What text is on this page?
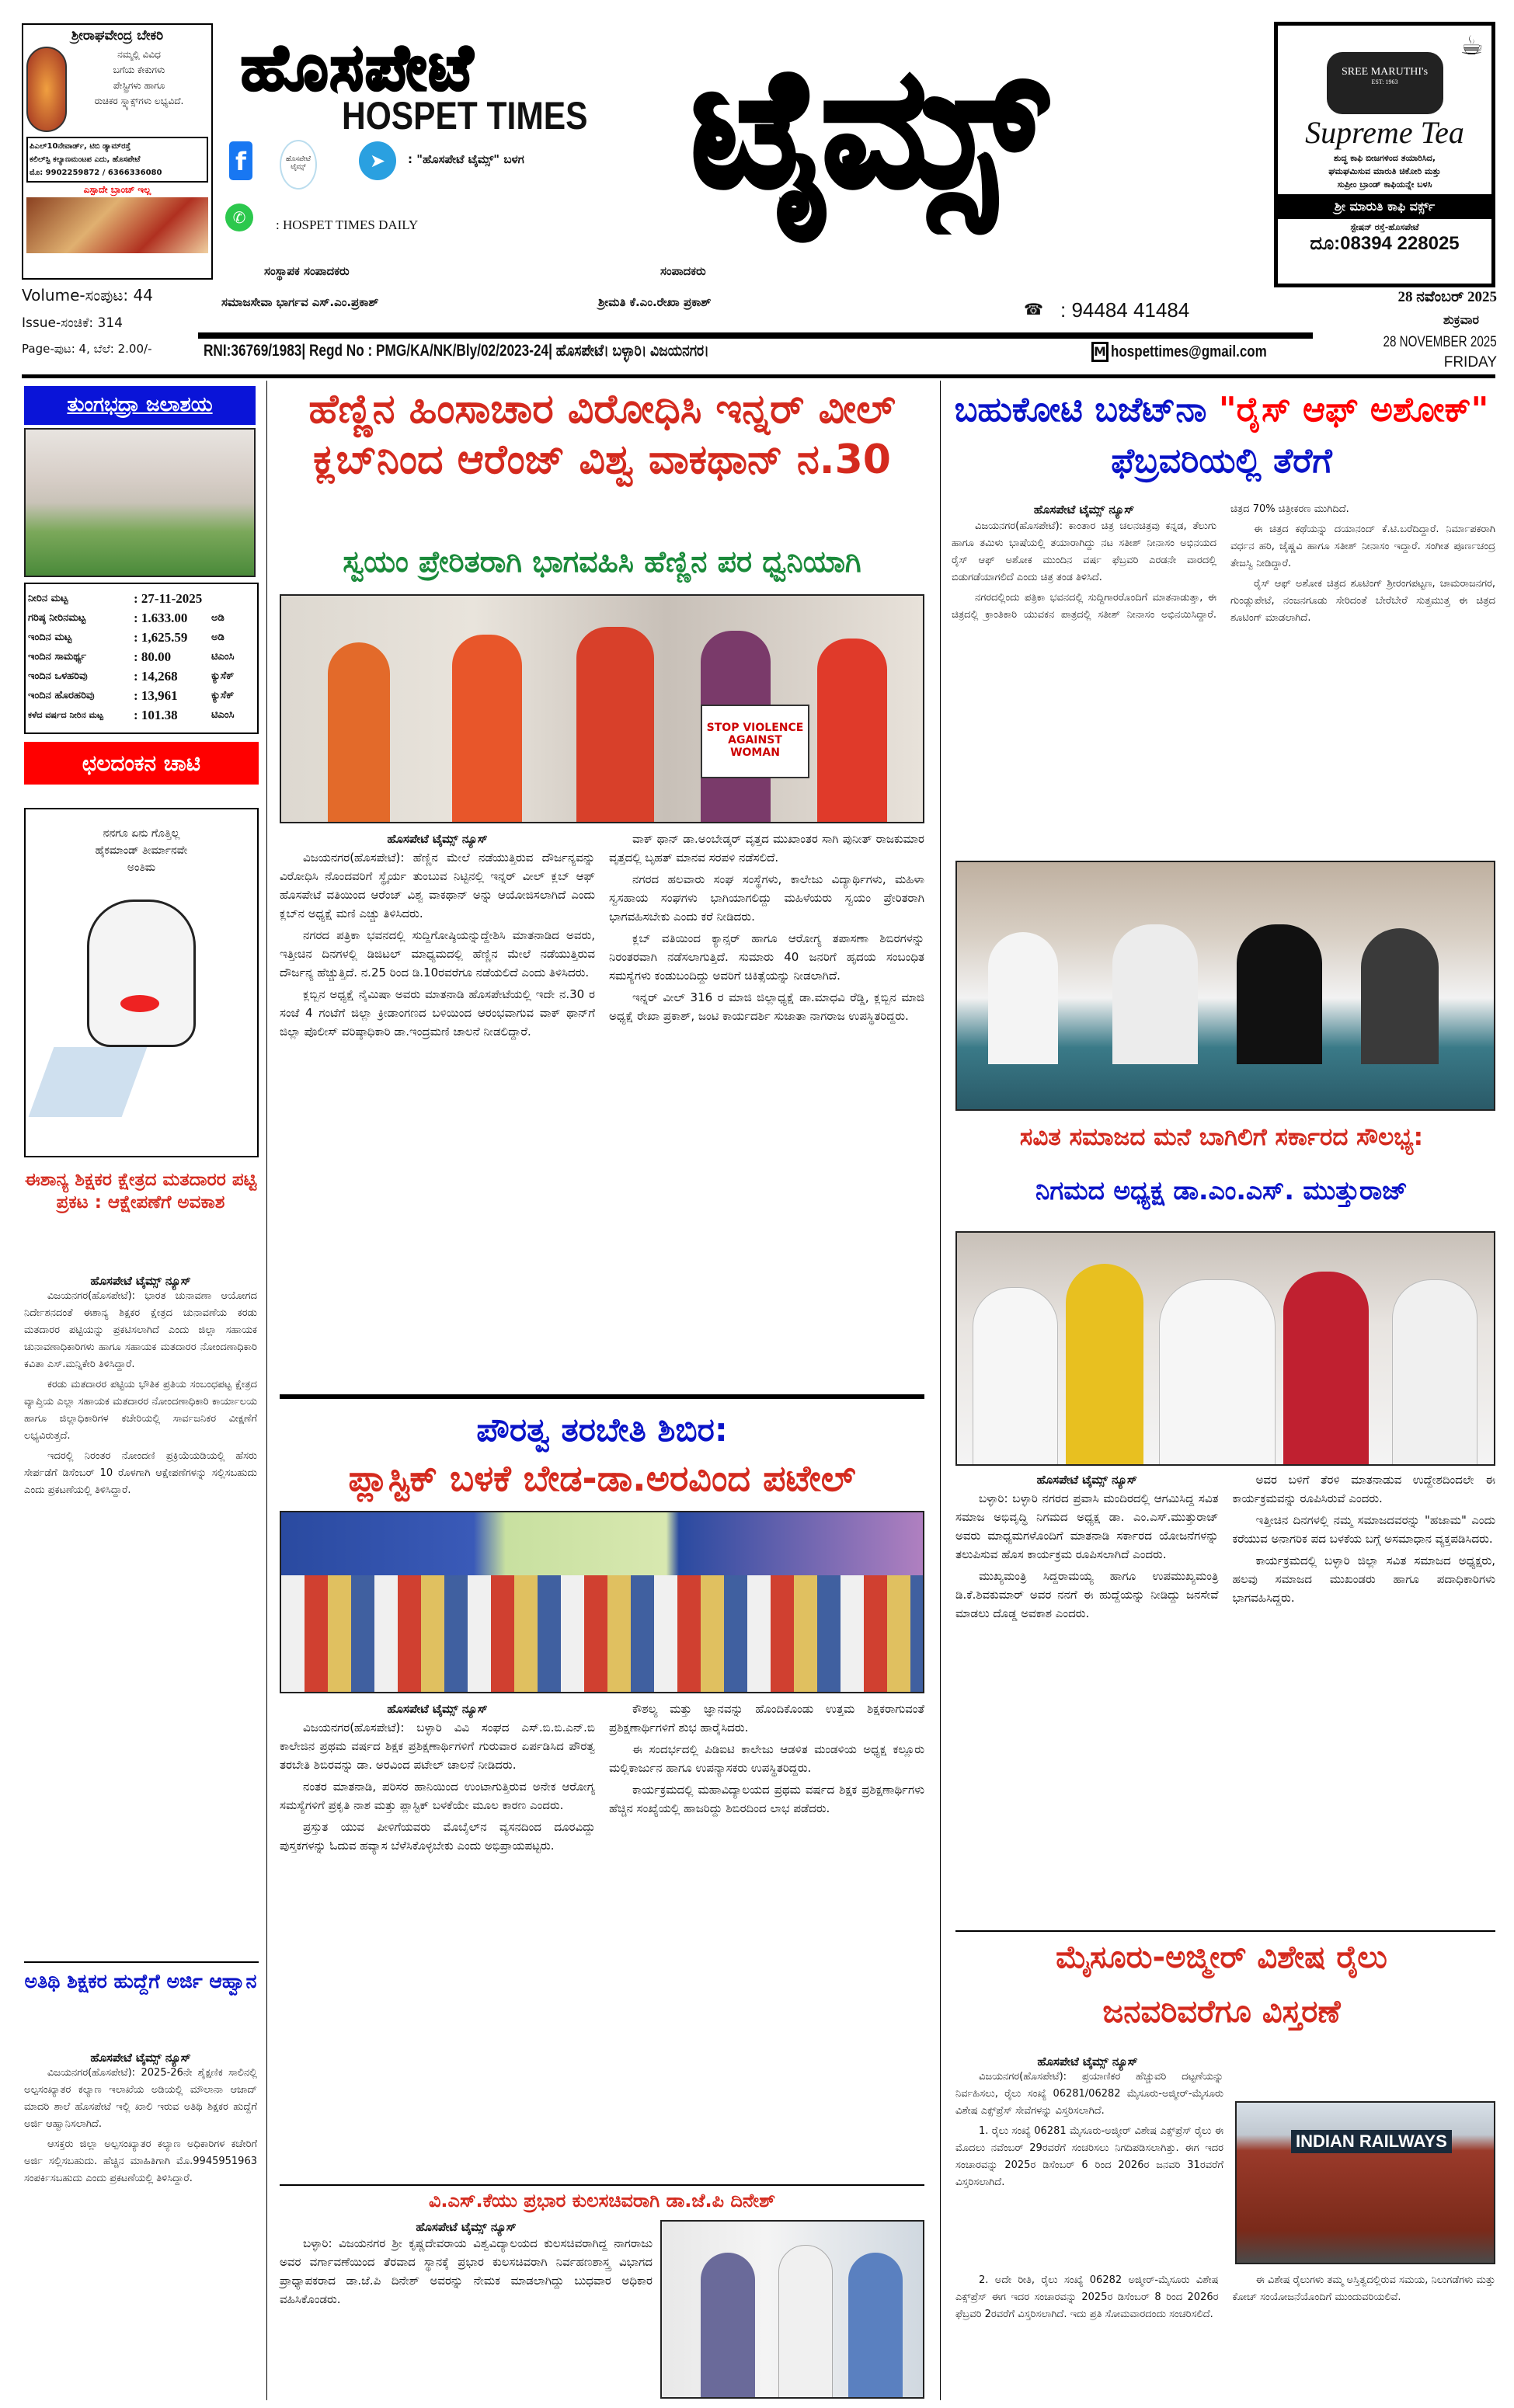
ಶ್ರೀರಾಘವೇಂದ್ರ ಬೇಕರಿ
ನಮ್ಮಲ್ಲಿ ವಿವಿಧ
ಬಗೆಯ ಕೇಕುಗಳು
ಪೇಸ್ಟ್ರಿಗಳು ಹಾಗೂ
ರುಚಿಕರ ಸ್ನ್ಯಾಕ್ಸ್‌ಗಳು ಲಭ್ಯವಿದೆ.
ಪಿಎಲ್10ನೇವಾರ್ಡ್, ಟಿಬಿ ಡ್ಯಾಮ್‌ರಸ್ತೆ
ಕಲಿಲ್‌ಸ್ಟಿ ಕಲ್ಯಾಣಮಂಟಪ ಎದು, ಹೊಸಪೇಟೆ
ಮೊ: 9902259872 / 6366336080
ಎಸ್ಪಾದೇ ಬ್ರಾಂಚ್ ಇಲ್ಲ
ಹೊಸಪೇಟೆ
HOSPET TIMES ಟೈಮ್ಸ್
f	ಹೊಸಪೇಟೆ ಟೈಮ್ಸ್	➤	: "ಹೊಸಪೇಟೆ ಟೈಮ್ಸ್" ಬಳಗ
✆	: HOSPET TIMES DAILY
ಸಂಸ್ಥಾಪಕ ಸಂಪಾದಕರು
ಸಮಾಜಸೇವಾ ಭಾರ್ಗವ ಎಸ್.ಎಂ.ಪ್ರಕಾಶ್
ಸಂಪಾದಕರು
ಶ್ರೀಮತಿ ಕೆ.ಎಂ.ರೇಖಾ ಪ್ರಕಾಶ್	☎ : 94484 41484
Volume-ಸಂಪುಟ: 44
Issue-ಸಂಚಿಕೆ: 314
Page-ಪುಟ: 4, ಬೆಲೆ: 2.00/-	RNI:36769/1983| Regd No : PMG/KA/NK/Bly/02/2023-24| ಹೊಸಪೇಟೆ। ಬಳ್ಳಾರಿ। ವಿಜಯನಗರ।	M hospettimes@gmail.com
☕
SREE MARUTHI's
EST: 1963
Supreme Tea
ಶುದ್ಧ ಕಾಫಿ ಬೀಜಗಳಿಂದ ತಯಾರಿಸಿದ,
ಘಮಘಮಿಸುವ ಮಾರುತಿ ಚಿಕೋರಿ ಮತ್ತು
ಸುಪ್ರೀಂ ಬ್ರಾಂಡ್ ಕಾಫಿಯನ್ನೇ ಬಳಸಿ
ಶ್ರೀ ಮಾರುತಿ ಕಾಫಿ ವರ್ಕ್ಸ್
ಸ್ಟೇಷನ್ ರಸ್ತೆ-ಹೊಸಪೇಟೆ
ದೂ:08394 228025
28 ನವೆಂಬರ್ 2025
ಶುಕ್ರವಾರ
28 NOVEMBER 2025
FRIDAY
ತುಂಗಭದ್ರಾ ಜಲಾಶಯ
ನೀರಿನ ಮಟ್ಟ	: 27-11-2025
ಗರಿಷ್ಠ ನೀರಿನಮಟ್ಟ	: 1.633.00	ಅಡಿ
ಇಂದಿನ ಮಟ್ಟ	: 1,625.59	ಅಡಿ
ಇಂದಿನ ಸಾಮರ್ಥ್ಯ	: 80.00	ಟಿಎಂಸಿ
ಇಂದಿನ ಒಳಹರಿವು	: 14,268	ಕ್ಯುಸೆಕ್
ಇಂದಿನ ಹೊರಹರಿವು	: 13,961	ಕ್ಯುಸೆಕ್
ಕಳೆದ ವರ್ಷದ ನೀರಿನ ಮಟ್ಟ	: 101.38	ಟಿಎಂಸಿ
ಛಲದಂಕನ ಚಾಟಿ
ನನಗೂ ಏನು ಗೊತ್ತಿಲ್ಲ
ಹೈಕಮಾಂಡ್ ತೀರ್ಮಾನವೇ
ಅಂತಿಮ
ಈಶಾನ್ಯ ಶಿಕ್ಷಕರ ಕ್ಷೇತ್ರದ ಮತದಾರರ ಪಟ್ಟಿ ಪ್ರಕಟ : ಆಕ್ಷೇಪಣೆಗೆ ಅವಕಾಶ
ಹೊಸಪೇಟೆ ಟೈಮ್ಸ್ ನ್ಯೂಸ್

ವಿಜಯನಗರ(ಹೊಸಪೇಟೆ): ಭಾರತ ಚುನಾವಣಾ ಆಯೋಗದ ನಿರ್ದೇಶನದಂತೆ ಈಶಾನ್ಯ ಶಿಕ್ಷಕರ ಕ್ಷೇತ್ರದ ಚುನಾವಣೆಯ ಕರಡು ಮತದಾರರ ಪಟ್ಟಿಯನ್ನು ಪ್ರಕಟಿಸಲಾಗಿದೆ ಎಂದು ಜಿಲ್ಲಾ ಸಹಾಯಕ ಚುನಾವಣಾಧಿಕಾರಿಗಳು ಹಾಗೂ ಸಹಾಯಕ ಮತದಾರರ ನೋಂದಣಾಧಿಕಾರಿ ಕವಿತಾ ಎಸ್.ಮನ್ನಿಕೇರಿ ತಿಳಿಸಿದ್ದಾರೆ.

ಕರಡು ಮತದಾರರ ಪಟ್ಟಿಯ ಭೌತಿಕ ಪ್ರತಿಯ ಸಂಬಂಧಪಟ್ಟ ಕ್ಷೇತ್ರದ ವ್ಯಾಪ್ತಿಯ ಎಲ್ಲಾ ಸಹಾಯಕ ಮತದಾರರ ನೋಂದಣಾಧಿಕಾರಿ ಕಾರ್ಯಾಲಯ ಹಾಗೂ ಜಿಲ್ಲಾಧಿಕಾರಿಗಳ ಕಚೇರಿಯಲ್ಲಿ ಸಾರ್ವಜನಿಕರ ವೀಕ್ಷಣೆಗೆ ಲಭ್ಯವಿರುತ್ತದೆ.

ಇದರಲ್ಲಿ ನಿರಂತರ ನೋಂದಣಿ ಪ್ರಕ್ರಿಯೆಯಡಿಯಲ್ಲಿ ಹೆಸರು ಸೇರ್ಪಡೆಗೆ ಡಿಸೆಂಬರ್ 10 ರೊಳಗಾಗಿ ಆಕ್ಷೇಪಣೆಗಳನ್ನು ಸಲ್ಲಿಸಬಹುದು ಎಂದು ಪ್ರಕಟಣೆಯಲ್ಲಿ ತಿಳಿಸಿದ್ದಾರೆ.

ಅತಿಥಿ ಶಿಕ್ಷಕರ ಹುದ್ದೆಗೆ ಅರ್ಜಿ ಆಹ್ವಾನ
ಹೊಸಪೇಟೆ ಟೈಮ್ಸ್ ನ್ಯೂಸ್

ವಿಜಯನಗರ(ಹೊಸಪೇಟೆ): 2025-26ನೇ ಶೈಕ್ಷಣಿಕ ಸಾಲಿನಲ್ಲಿ ಅಲ್ಪಸಂಖ್ಯಾತರ ಕಲ್ಯಾಣ ಇಲಾಖೆಯ ಅಡಿಯಲ್ಲಿ ಮೌಲಾನಾ ಆಜಾದ್ ಮಾದರಿ ಶಾಲೆ ಹೊಸಪೇಟೆ ಇಲ್ಲಿ ಖಾಲಿ ಇರುವ ಅತಿಥಿ ಶಿಕ್ಷಕರ ಹುದ್ದೆಗೆ ಅರ್ಜಿ ಆಹ್ವಾನಿಸಲಾಗಿದೆ.

ಆಸಕ್ತರು ಜಿಲ್ಲಾ ಅಲ್ಪಸಂಖ್ಯಾತರ ಕಲ್ಯಾಣ ಅಧಿಕಾರಿಗಳ ಕಚೇರಿಗೆ ಅರ್ಜಿ ಸಲ್ಲಿಸಬಹುದು. ಹೆಚ್ಚಿನ ಮಾಹಿತಿಗಾಗಿ ಮೊ.9945951963 ಸಂಪರ್ಕಿಸಬಹುದು ಎಂದು ಪ್ರಕಟಣೆಯಲ್ಲಿ ತಿಳಿಸಿದ್ದಾರೆ.

ಹೆಣ್ಣಿನ ಹಿಂಸಾಚಾರ ವಿರೋಧಿಸಿ ಇನ್ನರ್ ವೀಲ್ ಕ್ಲಬ್‌ನಿಂದ ಆರೆಂಜ್ ವಿಶ್ವ ವಾಕಥಾನ್ ನ.30
ಸ್ವಯಂ ಪ್ರೇರಿತರಾಗಿ ಭಾಗವಹಿಸಿ ಹೆಣ್ಣಿನ ಪರ ಧ್ವನಿಯಾಗಿ
STOP VIOLENCE AGAINST WOMAN
ಹೊಸಪೇಟೆ ಟೈಮ್ಸ್ ನ್ಯೂಸ್

ವಿಜಯನಗರ(ಹೊಸಪೇಟೆ): ಹೆಣ್ಣಿನ ಮೇಲೆ ನಡೆಯುತ್ತಿರುವ ದೌರ್ಜನ್ಯವನ್ನು ವಿರೋಧಿಸಿ ನೊಂದವರಿಗೆ ಸ್ಥೈರ್ಯ ತುಂಬುವ ನಿಟ್ಟಿನಲ್ಲಿ ಇನ್ನರ್ ವೀಲ್ ಕ್ಲಬ್ ಆಫ್ ಹೊಸಪೇಟೆ ವತಿಯಿಂದ ಆರೆಂಜ್ ವಿಶ್ವ ವಾಕಥಾನ್ ಅನ್ನು ಆಯೋಜಿಸಲಾಗಿದೆ ಎಂದು ಕ್ಲಬ್‌ನ ಅಧ್ಯಕ್ಷೆ ಮಣಿ ಎಚ್ಚು ತಿಳಿಸಿದರು.

ನಗರದ ಪತ್ರಿಕಾ ಭವನದಲ್ಲಿ ಸುದ್ದಿಗೋಷ್ಠಿಯನ್ನುದ್ದೇಶಿಸಿ ಮಾತನಾಡಿದ ಅವರು, ಇತ್ತೀಚಿನ ದಿನಗಳಲ್ಲಿ ಡಿಜಿಟಲ್ ಮಾಧ್ಯಮದಲ್ಲಿ ಹೆಣ್ಣಿನ ಮೇಲೆ ನಡೆಯುತ್ತಿರುವ ದೌರ್ಜನ್ಯ ಹೆಚ್ಚುತ್ತಿದೆ. ನ.25 ರಿಂದ ಡಿ.10ರವರೆಗೂ ನಡೆಯಲಿದೆ ಎಂದು ತಿಳಿಸಿದರು.

ಕ್ಲಬ್ಬಿನ ಅಧ್ಯಕ್ಷೆ ನೈಮಿಷಾ ಅವರು ಮಾತನಾಡಿ ಹೊಸಪೇಟೆಯಲ್ಲಿ ಇದೇ ನ.30 ರ ಸಂಜೆ 4 ಗಂಟೆಗೆ ಜಿಲ್ಲಾ ಕ್ರೀಡಾಂಗಣದ ಬಳಿಯಿಂದ ಆರಂಭವಾಗುವ ವಾಕ್ ಥಾನ್‌ಗೆ ಜಿಲ್ಲಾ ಪೊಲೀಸ್ ವರಿಷ್ಠಾಧಿಕಾರಿ ಡಾ.ಇಂದ್ರಮಣಿ ಚಾಲನೆ ನೀಡಲಿದ್ದಾರೆ.

ವಾಕ್ ಥಾನ್ ಡಾ.ಅಂಬೇಡ್ಕರ್ ವೃತ್ತದ ಮುಖಾಂತರ ಸಾಗಿ ಪುನೀತ್ ರಾಜಕುಮಾರ ವೃತ್ತದಲ್ಲಿ ಬೃಹತ್ ಮಾನವ ಸರಪಳಿ ನಡೆಸಲಿದೆ.

ನಗರದ ಹಲವಾರು ಸಂಘ ಸಂಸ್ಥೆಗಳು, ಕಾಲೇಜು ವಿದ್ಯಾರ್ಥಿಗಳು, ಮಹಿಳಾ ಸ್ವಸಹಾಯ ಸಂಘಗಳು ಭಾಗಿಯಾಗಲಿದ್ದು ಮಹಿಳೆಯರು ಸ್ವಯಂ ಪ್ರೇರಿತರಾಗಿ ಭಾಗವಹಿಸಬೇಕು ಎಂದು ಕರೆ ನೀಡಿದರು.

ಕ್ಲಬ್ ವತಿಯಿಂದ ಕ್ಯಾನ್ಸರ್ ಹಾಗೂ ಆರೋಗ್ಯ ತಪಾಸಣಾ ಶಿಬಿರಗಳನ್ನು ನಿರಂತರವಾಗಿ ನಡೆಸಲಾಗುತ್ತಿದೆ. ಸುಮಾರು 40 ಜನರಿಗೆ ಹೃದಯ ಸಂಬಂಧಿತ ಸಮಸ್ಯೆಗಳು ಕಂಡುಬಂದಿದ್ದು ಅವರಿಗೆ ಚಿಕಿತ್ಸೆಯನ್ನು ನೀಡಲಾಗಿದೆ.

ಇನ್ನರ್ ವೀಲ್ 316 ರ ಮಾಜಿ ಜಿಲ್ಲಾಧ್ಯಕ್ಷೆ ಡಾ.ಮಾಧವಿ ರೆಡ್ಡಿ, ಕ್ಲಬ್ಬಿನ ಮಾಜಿ ಅಧ್ಯಕ್ಷೆ ರೇಖಾ ಪ್ರಕಾಶ್, ಜಂಟಿ ಕಾರ್ಯದರ್ಶಿ ಸುಜಾತಾ ನಾಗರಾಜ ಉಪಸ್ಥಿತರಿದ್ದರು.

ಪೌರತ್ವ ತರಬೇತಿ ಶಿಬಿರ:
ಪ್ಲಾಸ್ಟಿಕ್ ಬಳಕೆ ಬೇಡ-ಡಾ.ಅರವಿಂದ ಪಟೇಲ್
ಹೊಸಪೇಟೆ ಟೈಮ್ಸ್ ನ್ಯೂಸ್

ವಿಜಯನಗರ(ಹೊಸಪೇಟೆ): ಬಳ್ಳಾರಿ ವಿವಿ ಸಂಘದ ಎಸ್.ಬಿ.ಬಿ.ಎನ್.ಬಿ ಕಾಲೇಜಿನ ಪ್ರಥಮ ವರ್ಷದ ಶಿಕ್ಷಕ ಪ್ರಶಿಕ್ಷಣಾರ್ಥಿಗಳಿಗೆ ಗುರುವಾರ ಏರ್ಪಡಿಸಿದ ಪೌರತ್ವ ತರಬೇತಿ ಶಿಬಿರವನ್ನು ಡಾ. ಅರವಿಂದ ಪಟೇಲ್ ಚಾಲನೆ ನೀಡಿದರು.

ನಂತರ ಮಾತನಾಡಿ, ಪರಿಸರ ಹಾನಿಯಿಂದ ಉಂಟಾಗುತ್ತಿರುವ ಅನೇಕ ಆರೋಗ್ಯ ಸಮಸ್ಯೆಗಳಿಗೆ ಪ್ರಕೃತಿ ನಾಶ ಮತ್ತು ಪ್ಲಾಸ್ಟಿಕ್ ಬಳಕೆಯೇ ಮೂಲ ಕಾರಣ ಎಂದರು.

ಪ್ರಸ್ತುತ ಯುವ ಪೀಳಿಗೆಯವರು ಮೊಬೈಲ್‌ನ ವ್ಯಸನದಿಂದ ದೂರವಿದ್ದು ಪುಸ್ತಕಗಳನ್ನು ಓದುವ ಹವ್ಯಾಸ ಬೆಳೆಸಿಕೊಳ್ಳಬೇಕು ಎಂದು ಅಭಿಪ್ರಾಯಪಟ್ಟರು.

ಕೌಶಲ್ಯ ಮತ್ತು ಜ್ಞಾನವನ್ನು ಹೊಂದಿಕೊಂಡು ಉತ್ತಮ ಶಿಕ್ಷಕರಾಗುವಂತೆ ಪ್ರಶಿಕ್ಷಣಾರ್ಥಿಗಳಿಗೆ ಶುಭ ಹಾರೈಸಿದರು.

ಈ ಸಂದರ್ಭದಲ್ಲಿ ಪಿಡಿಐಟಿ ಕಾಲೇಜು ಆಡಳಿತ ಮಂಡಳಿಯ ಅಧ್ಯಕ್ಷ ಕಲ್ಲೂರು ಮಲ್ಲಿಕಾರ್ಜುನ ಹಾಗೂ ಉಪನ್ಯಾಸಕರು ಉಪಸ್ಥಿತರಿದ್ದರು.

ಕಾರ್ಯಕ್ರಮದಲ್ಲಿ ಮಹಾವಿದ್ಯಾಲಯದ ಪ್ರಥಮ ವರ್ಷದ ಶಿಕ್ಷಕ ಪ್ರಶಿಕ್ಷಣಾರ್ಥಿಗಳು ಹೆಚ್ಚಿನ ಸಂಖ್ಯೆಯಲ್ಲಿ ಹಾಜರಿದ್ದು ಶಿಬಿರದಿಂದ ಲಾಭ ಪಡೆದರು.

ವಿ.ಎಸ್.ಕೆಯು ಪ್ರಭಾರ ಕುಲಸಚಿವರಾಗಿ ಡಾ.ಜೆ.ಪಿ ದಿನೇಶ್
ಹೊಸಪೇಟೆ ಟೈಮ್ಸ್ ನ್ಯೂಸ್

ಬಳ್ಳಾರಿ: ವಿಜಯನಗರ ಶ್ರೀ ಕೃಷ್ಣದೇವರಾಯ ವಿಶ್ವವಿದ್ಯಾಲಯದ ಕುಲಸಚಿವರಾಗಿದ್ದ ನಾಗರಾಜು ಅವರ ವರ್ಗಾವಣೆಯಿಂದ ತೆರವಾದ ಸ್ಥಾನಕ್ಕೆ ಪ್ರಭಾರ ಕುಲಸಚಿವರಾಗಿ ನಿರ್ವಹಣಶಾಸ್ತ್ರ ವಿಭಾಗದ ಪ್ರಾಧ್ಯಾಪಕರಾದ ಡಾ.ಜೆ.ಪಿ ದಿನೇಶ್ ಅವರನ್ನು ನೇಮಕ ಮಾಡಲಾಗಿದ್ದು ಬುಧವಾರ ಅಧಿಕಾರ ವಹಿಸಿಕೊಂಡರು.

ಬಹುಕೋಟಿ ಬಜೆಟ್‌ನಾ "ರೈಸ್ ಆಫ್ ಅಶೋಕ್" ಫೆಬ್ರವರಿಯಲ್ಲಿ ತೆರೆಗೆ
ಹೊಸಪೇಟೆ ಟೈಮ್ಸ್ ನ್ಯೂಸ್

ವಿಜಯನಗರ(ಹೊಸಪೇಟೆ): ಕಾಂತಾರ ಚಿತ್ರ ಚಲನಚಿತ್ರವು ಕನ್ನಡ, ತೆಲುಗು ಹಾಗೂ ತಮಿಳು ಭಾಷೆಯಲ್ಲಿ ತಯಾರಾಗಿದ್ದು ನಟ ಸತೀಶ್ ನೀನಾಸಂ ಅಭಿನಯದ ರೈಸ್ ಆಫ್ ಅಶೋಕ ಮುಂದಿನ ವರ್ಷ ಫೆಬ್ರವರಿ ಎರಡನೇ ವಾರದಲ್ಲಿ ಬಿಡುಗಡೆಯಾಗಲಿದೆ ಎಂದು ಚಿತ್ರ ತಂಡ ತಿಳಿಸಿದೆ.

ನಗರದಲ್ಲಿಂದು ಪತ್ರಿಕಾ ಭವನದಲ್ಲಿ ಸುದ್ದಿಗಾರರೊಂದಿಗೆ ಮಾತನಾಡುತ್ತಾ, ಈ ಚಿತ್ರದಲ್ಲಿ ಕ್ರಾಂತಿಕಾರಿ ಯುವಕನ ಪಾತ್ರದಲ್ಲಿ ಸತೀಶ್ ನೀನಾಸಂ ಅಭಿನಯಿಸಿದ್ದಾರೆ. ಚಿತ್ರದ 70% ಚಿತ್ರೀಕರಣ ಮುಗಿದಿದೆ.

ಈ ಚಿತ್ರದ ಕಥೆಯನ್ನು ದಯಾನಂದ್ ಕೆ.ಟಿ.ಬರೆದಿದ್ದಾರೆ. ನಿರ್ಮಾಪಕರಾಗಿ ವರ್ಧನ ಹರಿ, ಜೈಷ್ಣವಿ ಹಾಗೂ ಸತೀಶ್ ನೀನಾಸಂ ಇದ್ದಾರೆ. ಸಂಗೀತ ಪೂರ್ಣಚಂದ್ರ ತೇಜಸ್ವಿ ನೀಡಿದ್ದಾರೆ.

ರೈಸ್ ಆಫ್ ಅಶೋಕ ಚಿತ್ರದ ಶೂಟಿಂಗ್ ಶ್ರೀರಂಗಪಟ್ಟಣ, ಚಾಮರಾಜನಗರ, ಗುಂಡ್ಲುಪೇಟೆ, ನಂಜನಗೂಡು ಸೇರಿದಂತೆ ಬೇರೆಬೇರೆ ಸುತ್ತಮುತ್ತ ಈ ಚಿತ್ರದ ಶೂಟಿಂಗ್ ಮಾಡಲಾಗಿದೆ.

ಸವಿತ ಸಮಾಜದ ಮನೆ ಬಾಗಿಲಿಗೆ ಸರ್ಕಾರದ ಸೌಲಭ್ಯ:
ನಿಗಮದ ಅಧ್ಯಕ್ಷ ಡಾ.ಎಂ.ಎಸ್. ಮುತ್ತುರಾಜ್
ಹೊಸಪೇಟೆ ಟೈಮ್ಸ್ ನ್ಯೂಸ್

ಬಳ್ಳಾರಿ: ಬಳ್ಳಾರಿ ನಗರದ ಪ್ರವಾಸಿ ಮಂದಿರದಲ್ಲಿ ಆಗಮಿಸಿದ್ದ ಸವಿತ ಸಮಾಜ ಅಭಿವೃದ್ಧಿ ನಿಗಮದ ಅಧ್ಯಕ್ಷ ಡಾ. ಎಂ.ಎಸ್.ಮುತ್ತುರಾಜ್ ಅವರು ಮಾಧ್ಯಮಗಳೊಂದಿಗೆ ಮಾತನಾಡಿ ಸರ್ಕಾರದ ಯೋಜನೆಗಳನ್ನು ತಲುಪಿಸುವ ಹೊಸ ಕಾರ್ಯಕ್ರಮ ರೂಪಿಸಲಾಗಿದೆ ಎಂದರು.

ಮುಖ್ಯಮಂತ್ರಿ ಸಿದ್ದರಾಮಯ್ಯ ಹಾಗೂ ಉಪಮುಖ್ಯಮಂತ್ರಿ ಡಿ.ಕೆ.ಶಿವಕುಮಾರ್ ಅವರ ನನಗೆ ಈ ಹುದ್ದೆಯನ್ನು ನೀಡಿದ್ದು ಜನಸೇವೆ ಮಾಡಲು ದೊಡ್ಡ ಅವಕಾಶ ಎಂದರು.

ಅವರ ಬಳಿಗೆ ತೆರಳಿ ಮಾತನಾಡುವ ಉದ್ದೇಶದಿಂದಲೇ ಈ ಕಾರ್ಯಕ್ರಮವನ್ನು ರೂಪಿಸಿರುವೆ ಎಂದರು.

ಇತ್ತೀಚಿನ ದಿನಗಳಲ್ಲಿ ನಮ್ಮ ಸಮಾಜದವರನ್ನು "ಹಜಾಮ" ಎಂದು ಕರೆಯುವ ಅನಾಗರಿಕ ಪದ ಬಳಕೆಯ ಬಗ್ಗೆ ಅಸಮಾಧಾನ ವ್ಯಕ್ತಪಡಿಸಿದರು.

ಕಾರ್ಯಕ್ರಮದಲ್ಲಿ ಬಳ್ಳಾರಿ ಜಿಲ್ಲಾ ಸವಿತ ಸಮಾಜದ ಅಧ್ಯಕ್ಷರು, ಹಲವು ಸಮಾಜದ ಮುಖಂಡರು ಹಾಗೂ ಪದಾಧಿಕಾರಿಗಳು ಭಾಗವಹಿಸಿದ್ದರು.

ಮೈಸೂರು-ಅಜ್ಮೀರ್ ವಿಶೇಷ ರೈಲು
ಜನವರಿವರೆಗೂ ವಿಸ್ತರಣೆ
ಹೊಸಪೇಟೆ ಟೈಮ್ಸ್ ನ್ಯೂಸ್
INDIAN RAILWAYS

ವಿಜಯನಗರ(ಹೊಸಪೇಟೆ): ಪ್ರಯಾಣಿಕರ ಹೆಚ್ಚುವರಿ ದಟ್ಟಣೆಯನ್ನು ನಿರ್ವಹಿಸಲು, ರೈಲು ಸಂಖ್ಯೆ 06281/06282 ಮೈಸೂರು-ಅಜ್ಮೀರ್-ಮೈಸೂರು ವಿಶೇಷ ಎಕ್ಸ್‌ಪ್ರೆಸ್ ಸೇವೆಗಳನ್ನು ವಿಸ್ತರಿಸಲಾಗಿದೆ.

1. ರೈಲು ಸಂಖ್ಯೆ 06281 ಮೈಸೂರು-ಅಜ್ಮೀರ್ ವಿಶೇಷ ಎಕ್ಸ್‌ಪ್ರೆಸ್ ರೈಲು ಈ ಮೊದಲು ನವೆಂಬರ್ 29ರವರೆಗೆ ಸಂಚರಿಸಲು ನಿಗದಿಪಡಿಸಲಾಗಿತ್ತು. ಈಗ ಇದರ ಸಂಚಾರವನ್ನು 2025ರ ಡಿಸೆಂಬರ್ 6 ರಿಂದ 2026ರ ಜನವರಿ 31ರವರೆಗೆ ವಿಸ್ತರಿಸಲಾಗಿದೆ.

2. ಅದೇ ರೀತಿ, ರೈಲು ಸಂಖ್ಯೆ 06282 ಅಜ್ಮೀರ್-ಮೈಸೂರು ವಿಶೇಷ ಎಕ್ಸ್‌ಪ್ರೆಸ್ ಈಗ ಇದರ ಸಂಚಾರವನ್ನು 2025ರ ಡಿಸೆಂಬರ್ 8 ರಿಂದ 2026ರ ಫೆಬ್ರವರಿ 2ರವರೆಗೆ ವಿಸ್ತರಿಸಲಾಗಿದೆ. ಇದು ಪ್ರತಿ ಸೋಮವಾರದಂದು ಸಂಚರಿಸಲಿದೆ.

ಈ ವಿಶೇಷ ರೈಲುಗಳು ತಮ್ಮ ಅಸ್ತಿತ್ವದಲ್ಲಿರುವ ಸಮಯ, ನಿಲುಗಡೆಗಳು ಮತ್ತು ಕೋಚ್ ಸಂಯೋಜನೆಯೊಂದಿಗೆ ಮುಂದುವರಿಯಲಿವೆ.
